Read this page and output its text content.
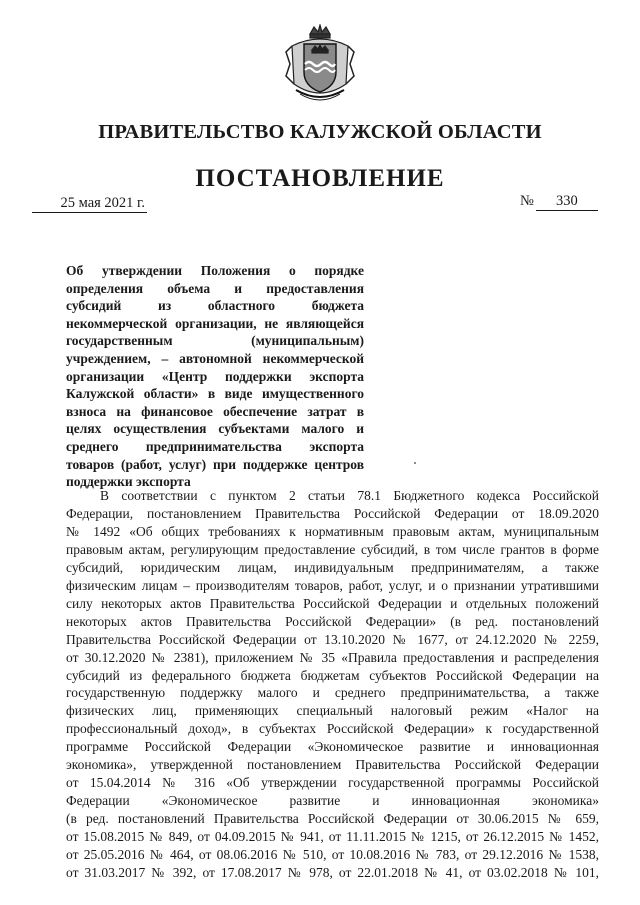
ПРАВИТЕЛЬСТВО КАЛУЖСКОЙ ОБЛАСТИ
ПОСТАНОВЛЕНИЕ
25 мая 2021 г.	№ 330
Об утверждении Положения о порядке
определения объема и предоставления
субсидий из областного бюджета
некоммерческой организации, не являющейся
государственным (муниципальным)
учреждением, – автономной некоммерческой
организации «Центр поддержки экспорта
Калужской области» в виде имущественного
взноса на финансовое обеспечение затрат в
целях осуществления субъектами малого и
среднего предпринимательства экспорта
товаров (работ, услуг) при поддержке центров
поддержки экспорта
В соответствии с пунктом 2 статьи 78.1 Бюджетного кодекса Российской
Федерации, постановлением Правительства Российской Федерации от 18.09.2020
№ 1492 «Об общих требованиях к нормативным правовым актам, муниципальным
правовым актам, регулирующим предоставление субсидий, в том числе грантов в форме
субсидий, юридическим лицам, индивидуальным предпринимателям, а также
физическим лицам – производителям товаров, работ, услуг, и о признании утратившими
силу некоторых актов Правительства Российской Федерации и отдельных положений
некоторых актов Правительства Российской Федерации» (в ред. постановлений
Правительства Российской Федерации от 13.10.2020 № 1677, от 24.12.2020 № 2259,
от 30.12.2020 № 2381), приложением № 35 «Правила предоставления и распределения
субсидий из федерального бюджета бюджетам субъектов Российской Федерации на
государственную поддержку малого и среднего предпринимательства, а также
физических лиц, применяющих специальный налоговый режим «Налог на
профессиональный доход», в субъектах Российской Федерации» к государственной
программе Российской Федерации «Экономическое развитие и инновационная
экономика», утвержденной постановлением Правительства Российской Федерации
от 15.04.2014 № 316 «Об утверждении государственной программы Российской
Федерации «Экономическое развитие и инновационная экономика»
(в ред. постановлений Правительства Российской Федерации от 30.06.2015 № 659,
от 15.08.2015 № 849, от 04.09.2015 № 941, от 11.11.2015 № 1215, от 26.12.2015 № 1452,
от 25.05.2016 № 464, от 08.06.2016 № 510, от 10.08.2016 № 783, от 29.12.2016 № 1538,
от 31.03.2017 № 392, от 17.08.2017 № 978, от 22.01.2018 № 41, от 03.02.2018 № 101,
